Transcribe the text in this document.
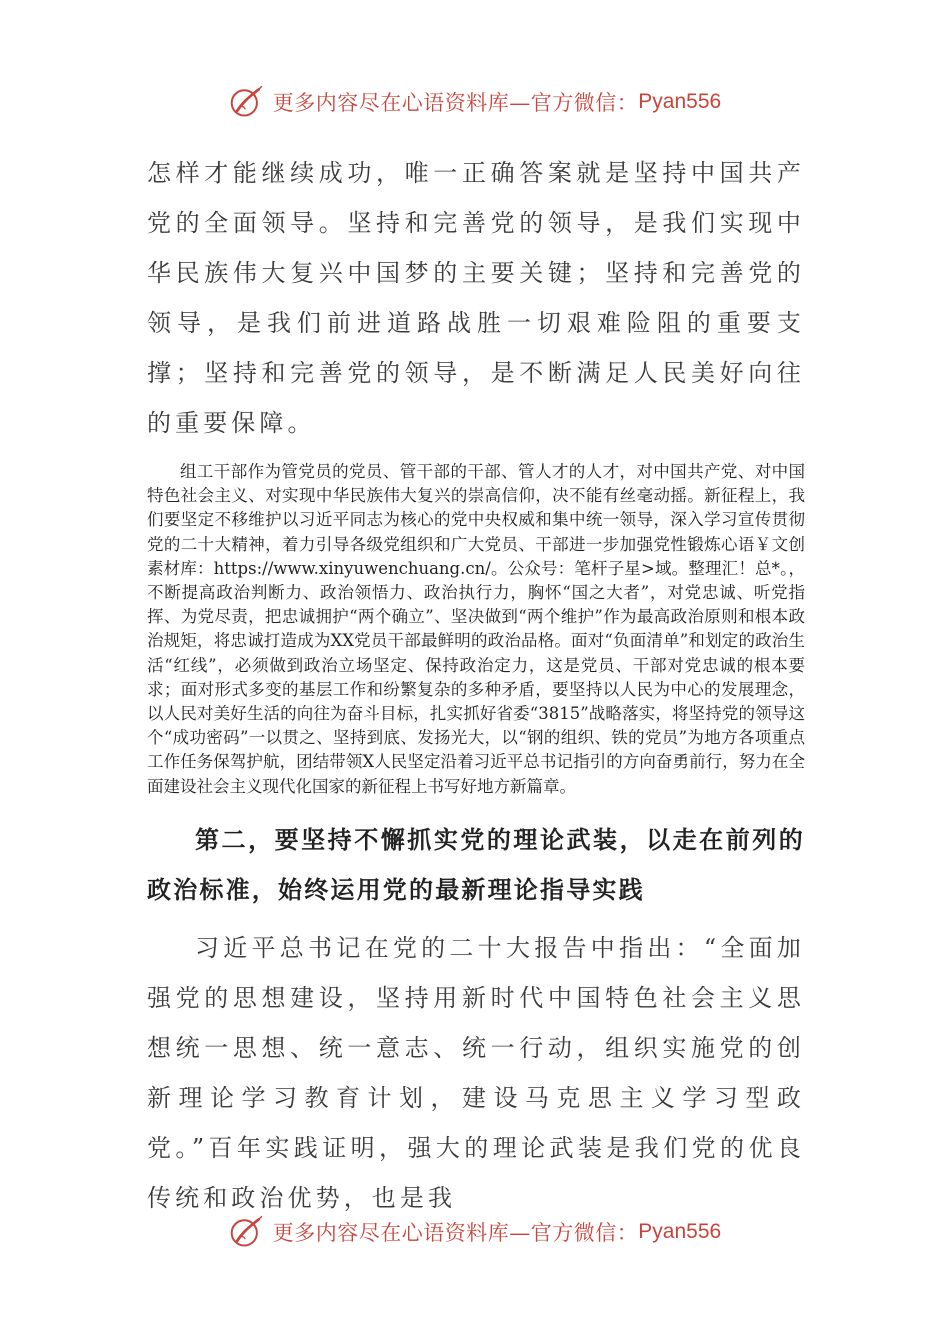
更多内容尽在心语资料库—官方微信： Pyan556

怎样才能继续成功，唯一正确答案就是坚持中国共产党的全面领导。坚持和完善党的领导，是我们实现中华民族伟大复兴中国梦的主要关键；坚持和完善党的领导，是我们前进道路战胜一切艰难险阻的重要支撑；坚持和完善党的领导，是不断满足人民美好向往的重要保障。

组工干部作为管党员的党员、管干部的干部、管人才的人才，对中国共产党、对中国特色社会主义、对实现中华民族伟大复兴的崇高信仰，决不能有丝毫动摇。新征程上，我们要坚定不移维护以习近平同志为核心的党中央权威和集中统一领导，深入学习宣传贯彻党的二十大精神，着力引导各级党组织和广大党员、干部进一步加强党性锻炼心语￥文创素材库：https://www.xinyuwenchuang.cn/。公众号：笔杆子星>域。整理汇！总*。，不断提高政治判断力、政治领悟力、政治执行力，胸怀“国之大者”，对党忠诚、听党指挥、为党尽责，把忠诚拥护“两个确立”、坚决做到“两个维护”作为最高政治原则和根本政治规矩，将忠诚打造成为XX党员干部最鲜明的政治品格。面对“负面清单”和划定的政治生活“红线”，必须做到政治立场坚定、保持政治定力，这是党员、干部对党忠诚的根本要求；面对形式多变的基层工作和纷繁复杂的多种矛盾，要坚持以人民为中心的发展理念，以人民对美好生活的向往为奋斗目标，扎实抓好省委“3815”战略落实，将坚持党的领导这个“成功密码”一以贯之、坚持到底、发扬光大，以“钢的组织、铁的党员”为地方各项重点工作任务保驾护航，团结带领X人民坚定沿着习近平总书记指引的方向奋勇前行，努力在全面建设社会主义现代化国家的新征程上书写好地方新篇章。

第二，要坚持不懈抓实党的理论武装，以走在前列的政治标准，始终运用党的最新理论指导实践

习近平总书记在党的二十大报告中指出：“全面加强党的思想建设，坚持用新时代中国特色社会主义思想统一思想、统一意志、统一行动，组织实施党的创新理论学习教育计划，建设马克思主义学习型政党。”百年实践证明，强大的理论武装是我们党的优良传统和政治优势，也是我

更多内容尽在心语资料库—官方微信： Pyan556
